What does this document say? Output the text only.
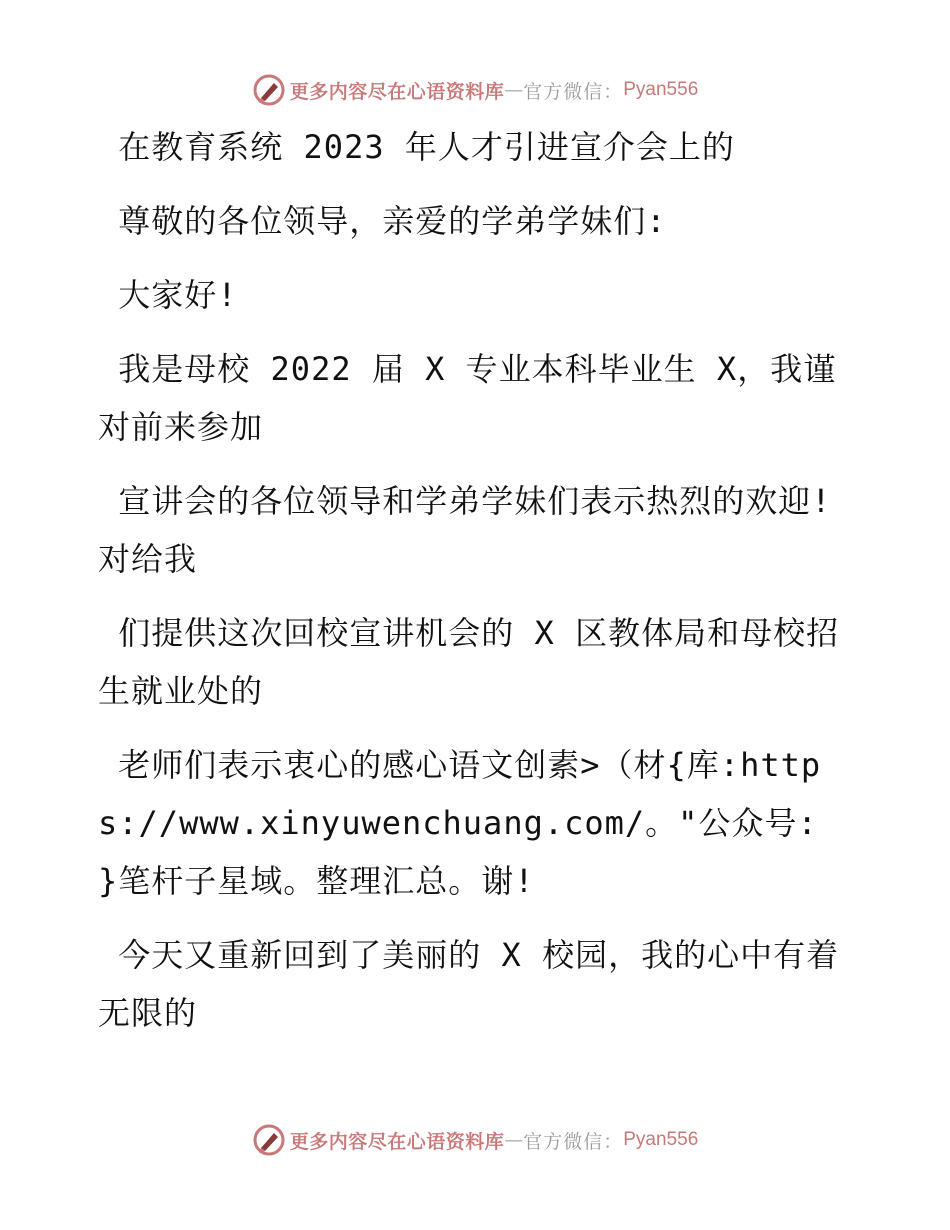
更多内容尽在心语资料库 — 官方微信： Pyan556

在教育系统 2023 年人才引进宣介会上的

尊敬的各位领导，亲爱的学弟学妹们:

大家好!

我是母校 2022 届 X 专业本科毕业生 X，我谨对前来参加

宣讲会的各位领导和学弟学妹们表示热烈的欢迎! 对给我

们提供这次回校宣讲机会的 X 区教体局和母校招生就业处的

老师们表示衷心的感心语文创素>（材{库:https://www.xinyuwenchuang.com/。"公众号: }笔杆子星域。整理汇总。谢!

今天又重新回到了美丽的 X 校园，我的心中有着无限的

更多内容尽在心语资料库 — 官方微信： Pyan556
